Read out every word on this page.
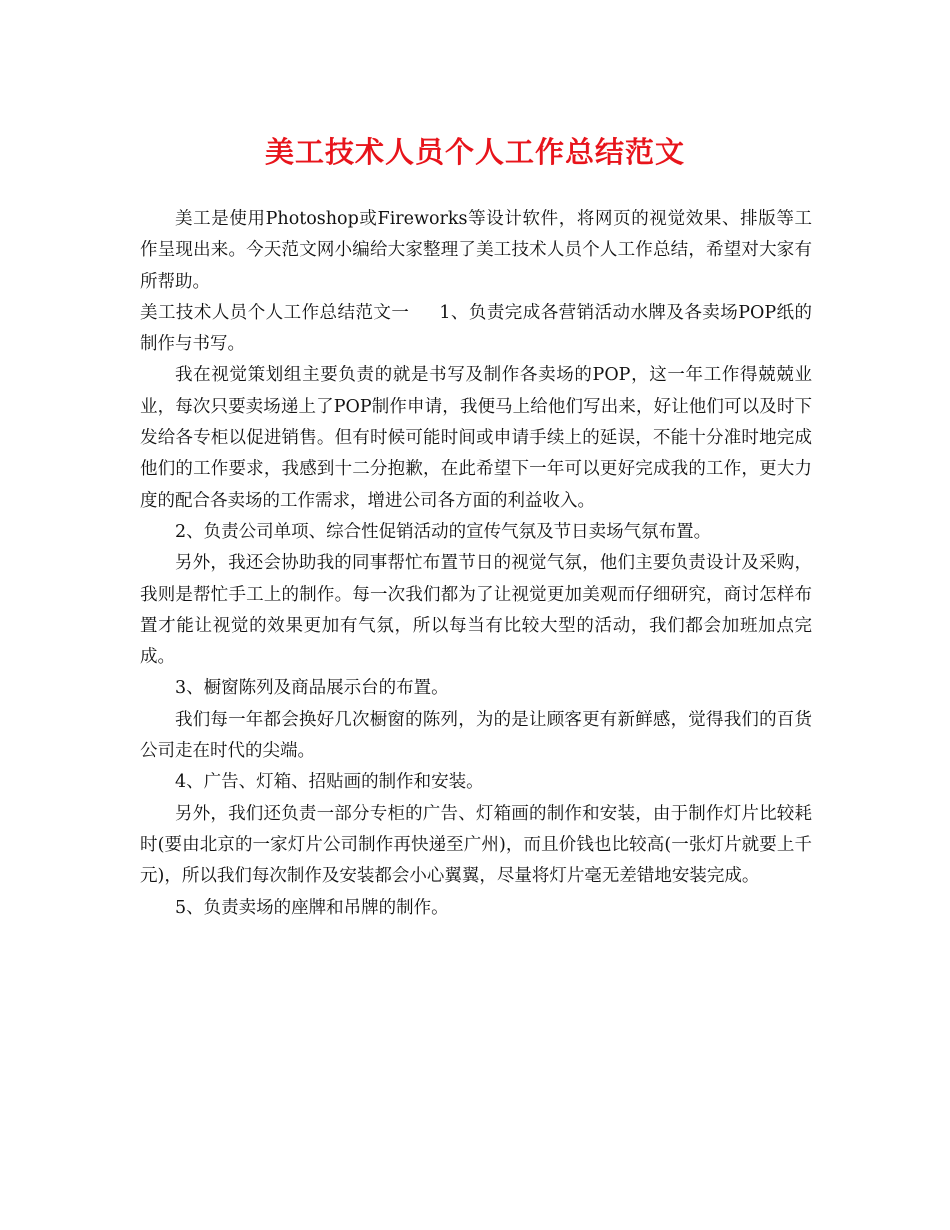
美工技术人员个人工作总结范文

美工是使用Photoshop或Fireworks等设计软件，将网页的视觉效果、排版等工作呈现出来。今天范文网小编给大家整理了美工技术人员个人工作总结，希望对大家有所帮助。

美工技术人员个人工作总结范文一 1、负责完成各营销活动水牌及各卖场POP纸的制作与书写。

我在视觉策划组主要负责的就是书写及制作各卖场的POP，这一年工作得兢兢业业，每次只要卖场递上了POP制作申请，我便马上给他们写出来，好让他们可以及时下发给各专柜以促进销售。但有时候可能时间或申请手续上的延误，不能十分准时地完成他们的工作要求，我感到十二分抱歉，在此希望下一年可以更好完成我的工作，更大力度的配合各卖场的工作需求，增进公司各方面的利益收入。

2、负责公司单项、综合性促销活动的宣传气氛及节日卖场气氛布置。

另外，我还会协助我的同事帮忙布置节日的视觉气氛，他们主要负责设计及采购，我则是帮忙手工上的制作。每一次我们都为了让视觉更加美观而仔细研究，商讨怎样布置才能让视觉的效果更加有气氛，所以每当有比较大型的活动，我们都会加班加点完成。

3、橱窗陈列及商品展示台的布置。

我们每一年都会换好几次橱窗的陈列，为的是让顾客更有新鲜感，觉得我们的百货公司走在时代的尖端。

4、广告、灯箱、招贴画的制作和安装。

另外，我们还负责一部分专柜的广告、灯箱画的制作和安装，由于制作灯片比较耗时(要由北京的一家灯片公司制作再快递至广州)，而且价钱也比较高(一张灯片就要上千元)，所以我们每次制作及安装都会小心翼翼，尽量将灯片毫无差错地安装完成。

5、负责卖场的座牌和吊牌的制作。
